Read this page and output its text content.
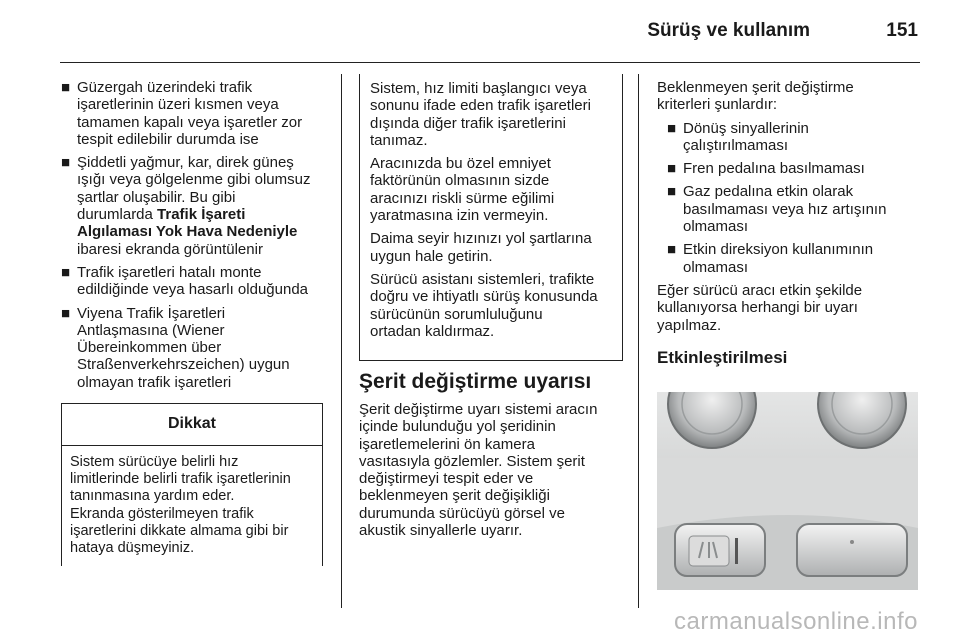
Sürüş ve kullanım	151
■ Güzergah üzerindeki trafik
işaretlerinin üzeri kısmen veya
tamamen kapalı veya işaretler zor
tespit edilebilir durumda ise
■ Şiddetli yağmur, kar, direk güneş
ışığı veya gölgelenme gibi olumsuz
şartlar oluşabilir. Bu gibi
durumlarda Trafik İşareti
Algılaması Yok Hava Nedeniyle
ibaresi ekranda görüntülenir
■ Trafik işaretleri hatalı monte
edildiğinde veya hasarlı olduğunda
■ Viyena Trafik İşaretleri
Antlaşmasına (Wiener
Übereinkommen über
Straßenverkehrszeichen) uygun
olmayan trafik işaretleri
Dikkat
Sistem sürücüye belirli hız
limitlerinde belirli trafik işaretlerinin
tanınmasına yardım eder.
Ekranda gösterilmeyen trafik
işaretlerini dikkate almama gibi bir
hataya düşmeyiniz.
Sistem, hız limiti başlangıcı veya
sonunu ifade eden trafik işaretleri
dışında diğer trafik işaretlerini
tanımaz.
Aracınızda bu özel emniyet
faktörünün olmasının sizde
aracınızı riskli sürme eğilimi
yaratmasına izin vermeyin.
Daima seyir hızınızı yol şartlarına
uygun hale getirin.
Sürücü asistanı sistemleri, trafikte
doğru ve ihtiyatlı sürüş konusunda
sürücünün sorumluluğunu
ortadan kaldırmaz.
Şerit değiştirme uyarısı
Şerit değiştirme uyarı sistemi aracın
içinde bulunduğu yol şeridinin
işaretlemelerini ön kamera
vasıtasıyla gözlemler. Sistem şerit
değiştirmeyi tespit eder ve
beklenmeyen şerit değişikliği
durumunda sürücüyü görsel ve
akustik sinyallerle uyarır.
Beklenmeyen şerit değiştirme
kriterleri şunlardır:
■ Dönüş sinyallerinin
çalıştırılmaması
■ Fren pedalına basılmaması
■ Gaz pedalına etkin olarak
basılmaması veya hız artışının
olmaması
■ Etkin direksiyon kullanımının
olmaması
Eğer sürücü aracı etkin şekilde
kullanıyorsa herhangi bir uyarı
yapılmaz.
Etkinleştirilmesi
carmanualsonline.info
